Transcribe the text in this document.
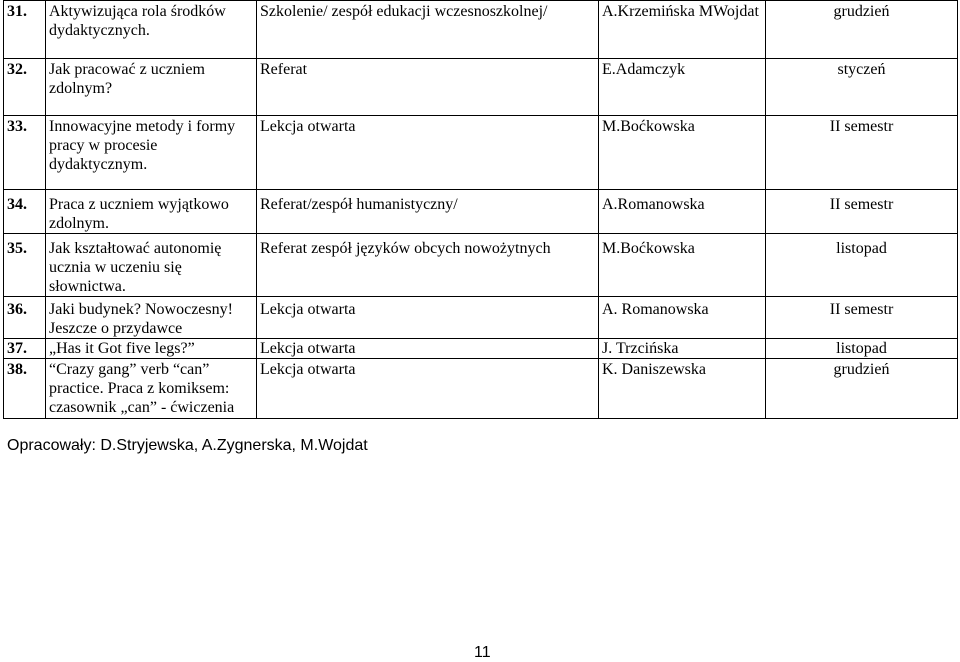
31.	Aktywizująca rola środków dydaktycznych.	Szkolenie/ zespół edukacji wczesnoszkolnej/	A.Krzemińska MWojdat	grudzień
32.	Jak pracować z uczniem zdolnym?	Referat	E.Adamczyk	styczeń
33.	Innowacyjne metody i formy pracy w procesie dydaktycznym.	Lekcja otwarta	M.Boćkowska	II semestr
34.	Praca z uczniem wyjątkowo zdolnym.	Referat/zespół humanistyczny/	A.Romanowska	II semestr
35.	Jak kształtować autonomię ucznia w uczeniu się słownictwa.	Referat zespół języków obcych nowożytnych	M.Boćkowska	listopad
36.	Jaki budynek? Nowoczesny! Jeszcze o przydawce	Lekcja otwarta	A. Romanowska	II semestr
37.	„Has it Got five legs?”	Lekcja otwarta	J. Trzcińska	listopad
38.	“Crazy gang” verb “can” practice. Praca z komiksem: czasownik „can” - ćwiczenia	Lekcja otwarta	K. Daniszewska	grudzień
Opracowały: D.Stryjewska, A.Zygnerska, M.Wojdat
11
